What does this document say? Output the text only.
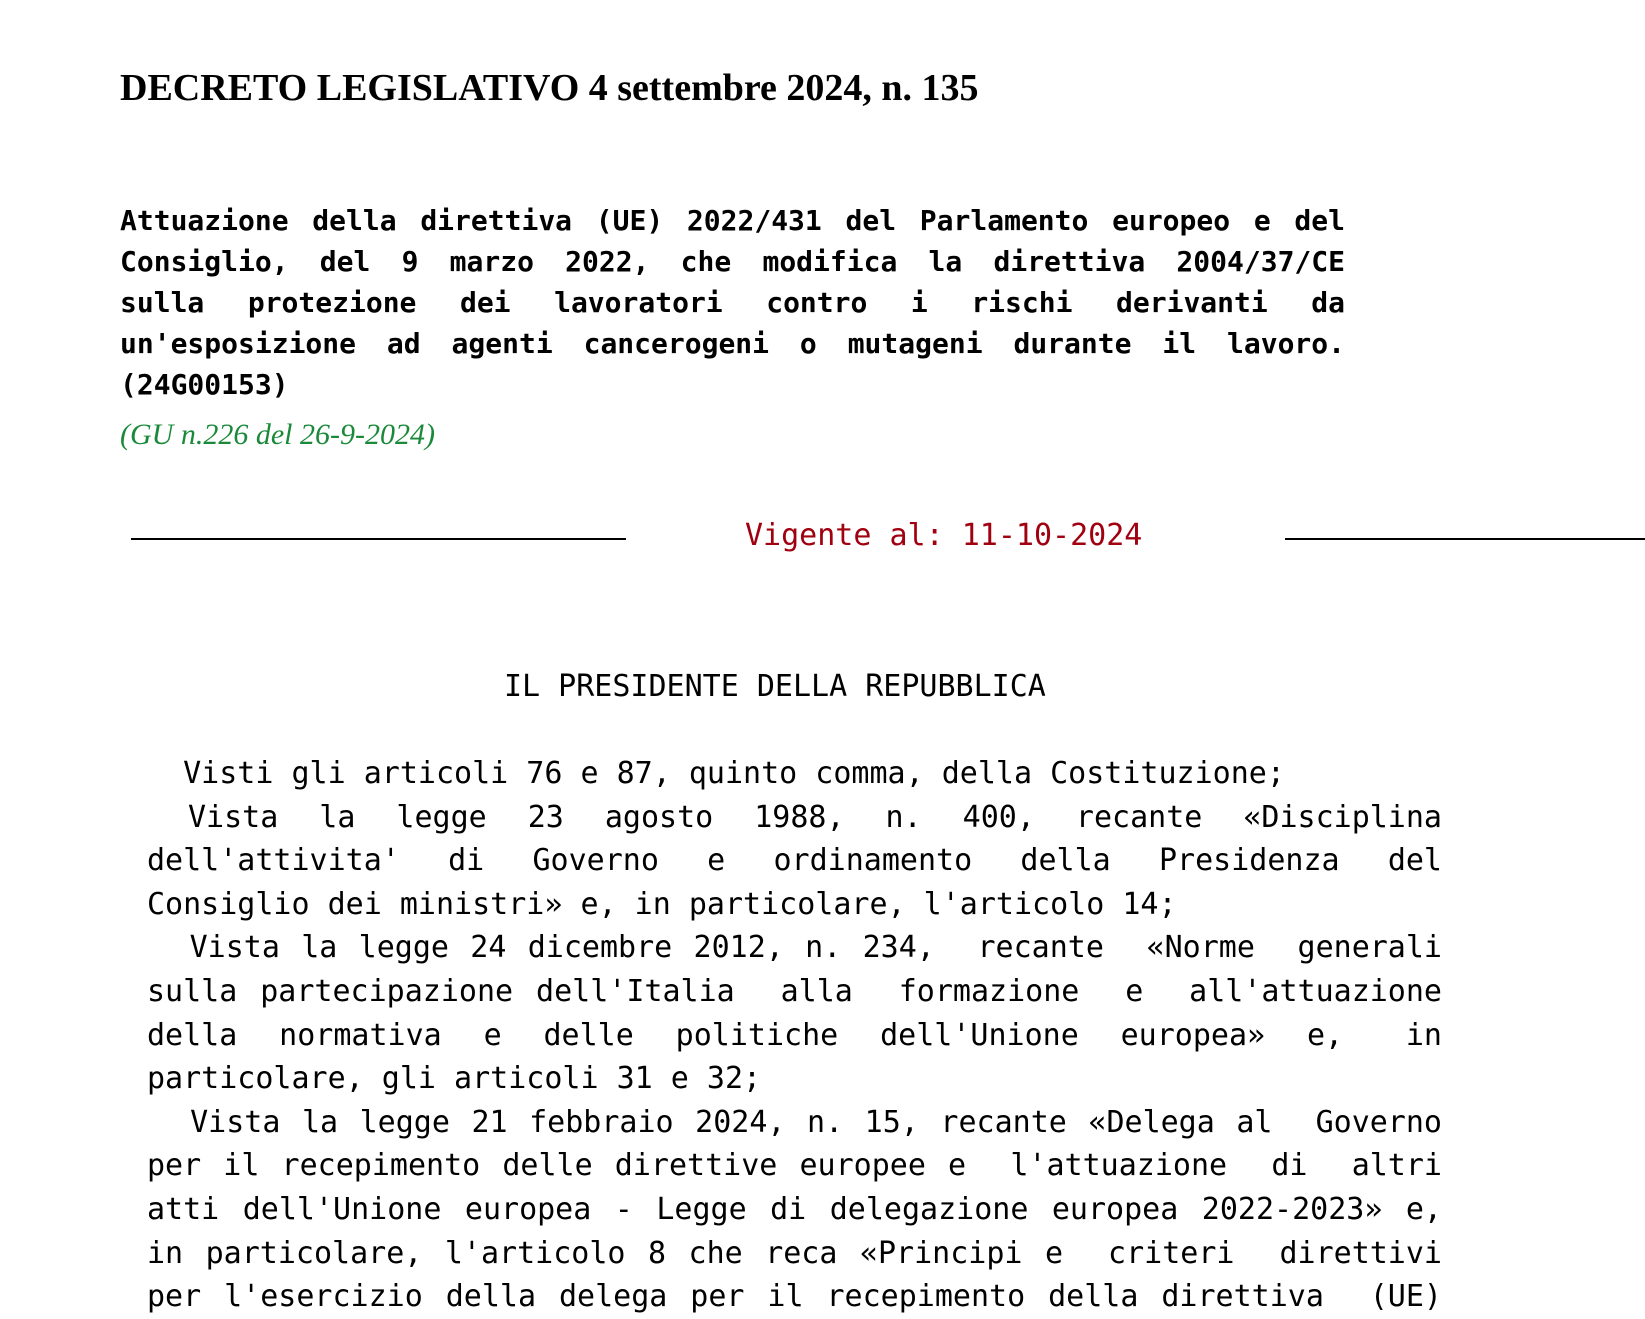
DECRETO LEGISLATIVO 4 settembre 2024, n. 135
Attuazione della direttiva (UE) 2022/431 del Parlamento europeo e del
Consiglio, del 9 marzo 2022, che modifica la direttiva 2004/37/CE
sulla protezione dei lavoratori contro i rischi derivanti da
un'esposizione ad agenti cancerogeni o mutageni durante il lavoro.
(24G00153)
(GU n.226 del 26-9-2024)
Vigente al: 11-10-2024
IL PRESIDENTE DELLA REPUBBLICA
Visti gli articoli 76 e 87, quinto comma, della Costituzione;
Vista  la  legge  23  agosto  1988,  n.  400,  recante  «Disciplina
dell'attivita'  di  Governo  e  ordinamento  della  Presidenza  del
Consiglio dei ministri» e, in particolare, l'articolo 14;
Vista la legge 24 dicembre 2012, n. 234,  recante  «Norme  generali
sulla partecipazione dell'Italia  alla  formazione  e  all'attuazione
della  normativa  e  delle  politiche  dell'Unione  europea»  e,   in
particolare, gli articoli 31 e 32;
Vista la legge 21 febbraio 2024, n. 15, recante «Delega al  Governo
per il recepimento delle direttive europee e  l'attuazione  di  altri
atti dell'Unione europea - Legge di delegazione europea 2022-2023» e,
in particolare, l'articolo 8 che reca «Principi e  criteri  direttivi
per l'esercizio della delega per il recepimento della direttiva  (UE)
